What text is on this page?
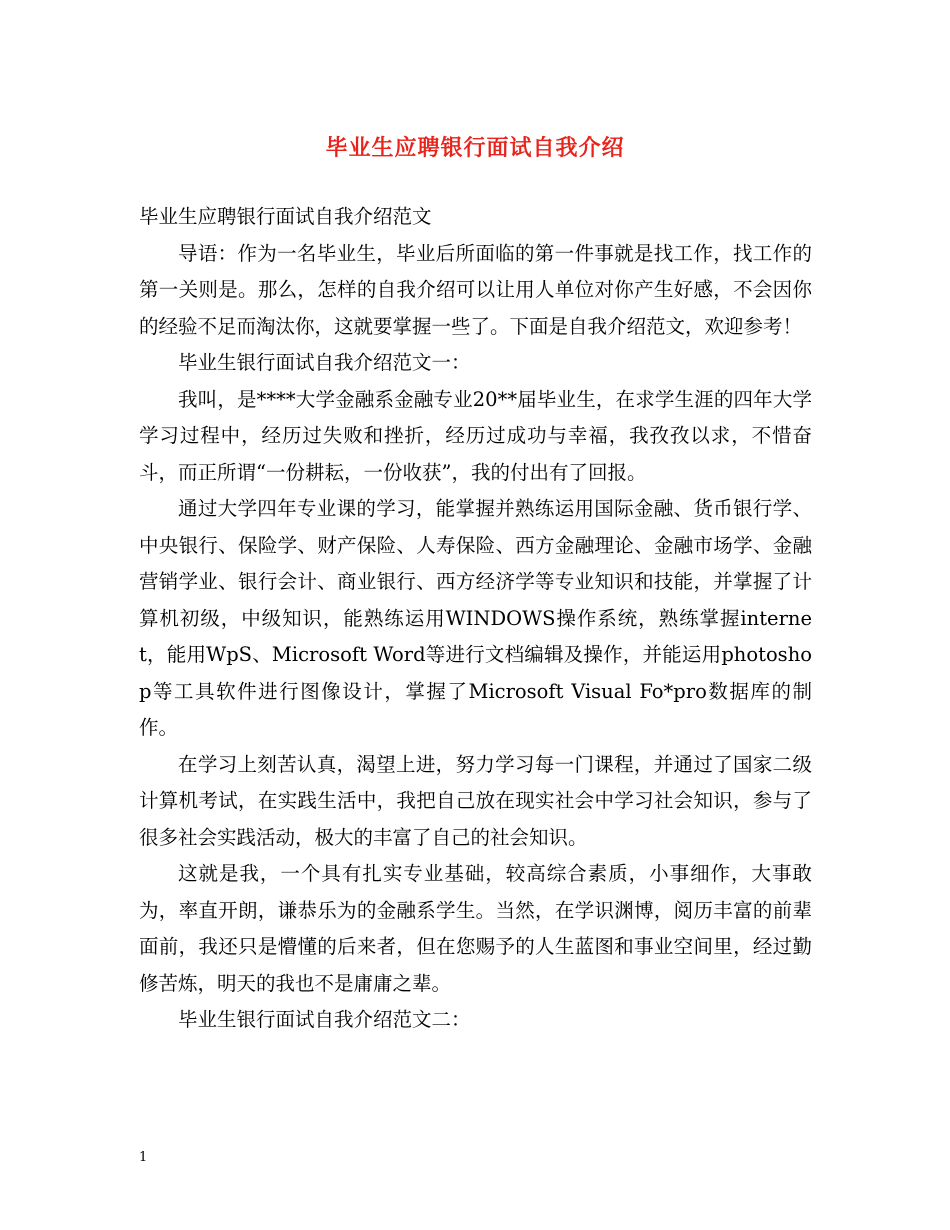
毕业生应聘银行面试自我介绍

毕业生应聘银行面试自我介绍范文

导语：作为一名毕业生，毕业后所面临的第一件事就是找工作，找工作的第一关则是。那么，怎样的自我介绍可以让用人单位对你产生好感，不会因你的经验不足而淘汰你，这就要掌握一些了。下面是自我介绍范文，欢迎参考！

毕业生银行面试自我介绍范文一：

我叫，是****大学金融系金融专业20**届毕业生，在求学生涯的四年大学学习过程中，经历过失败和挫折，经历过成功与幸福，我孜孜以求，不惜奋斗，而正所谓“一份耕耘，一份收获”，我的付出有了回报。

通过大学四年专业课的学习，能掌握并熟练运用国际金融、货币银行学、中央银行、保险学、财产保险、人寿保险、西方金融理论、金融市场学、金融营销学业、银行会计、商业银行、西方经济学等专业知识和技能，并掌握了计算机初级，中级知识，能熟练运用WINDOWS操作系统，熟练掌握internet，能用WpS、Microsoft Word等进行文档编辑及操作，并能运用photoshop等工具软件进行图像设计，掌握了Microsoft Visual Fo*pro数据库的制作。

在学习上刻苦认真，渴望上进，努力学习每一门课程，并通过了国家二级计算机考试，在实践生活中，我把自己放在现实社会中学习社会知识，参与了很多社会实践活动，极大的丰富了自己的社会知识。

这就是我，一个具有扎实专业基础，较高综合素质，小事细作，大事敢为，率直开朗，谦恭乐为的金融系学生。当然，在学识渊博，阅历丰富的前辈面前，我还只是懵懂的后来者，但在您赐予的人生蓝图和事业空间里，经过勤修苦炼，明天的我也不是庸庸之辈。

毕业生银行面试自我介绍范文二：

1
